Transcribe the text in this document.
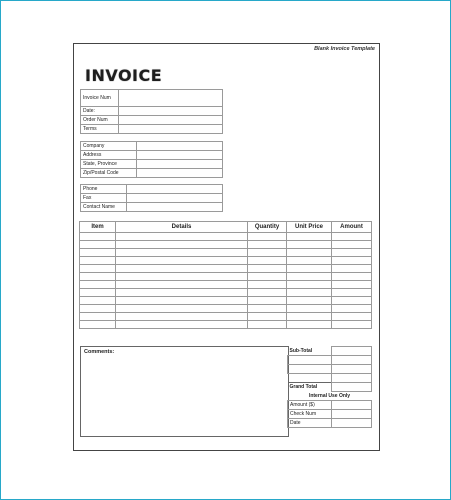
Blank Invoice Template
INVOICE
Invoice Num	
Date:	
Order Num	
Terms	
Company	
Address	
State, Province	
Zip/Postal Code	
Phone	
Fax	
Contact Name	
Item	Details	Quantity	Unit Price	Amount

Comments:	Sub-Total	

Grand Total	
Internal Use Only	
Amount ($)	
Check Num	
Date	
